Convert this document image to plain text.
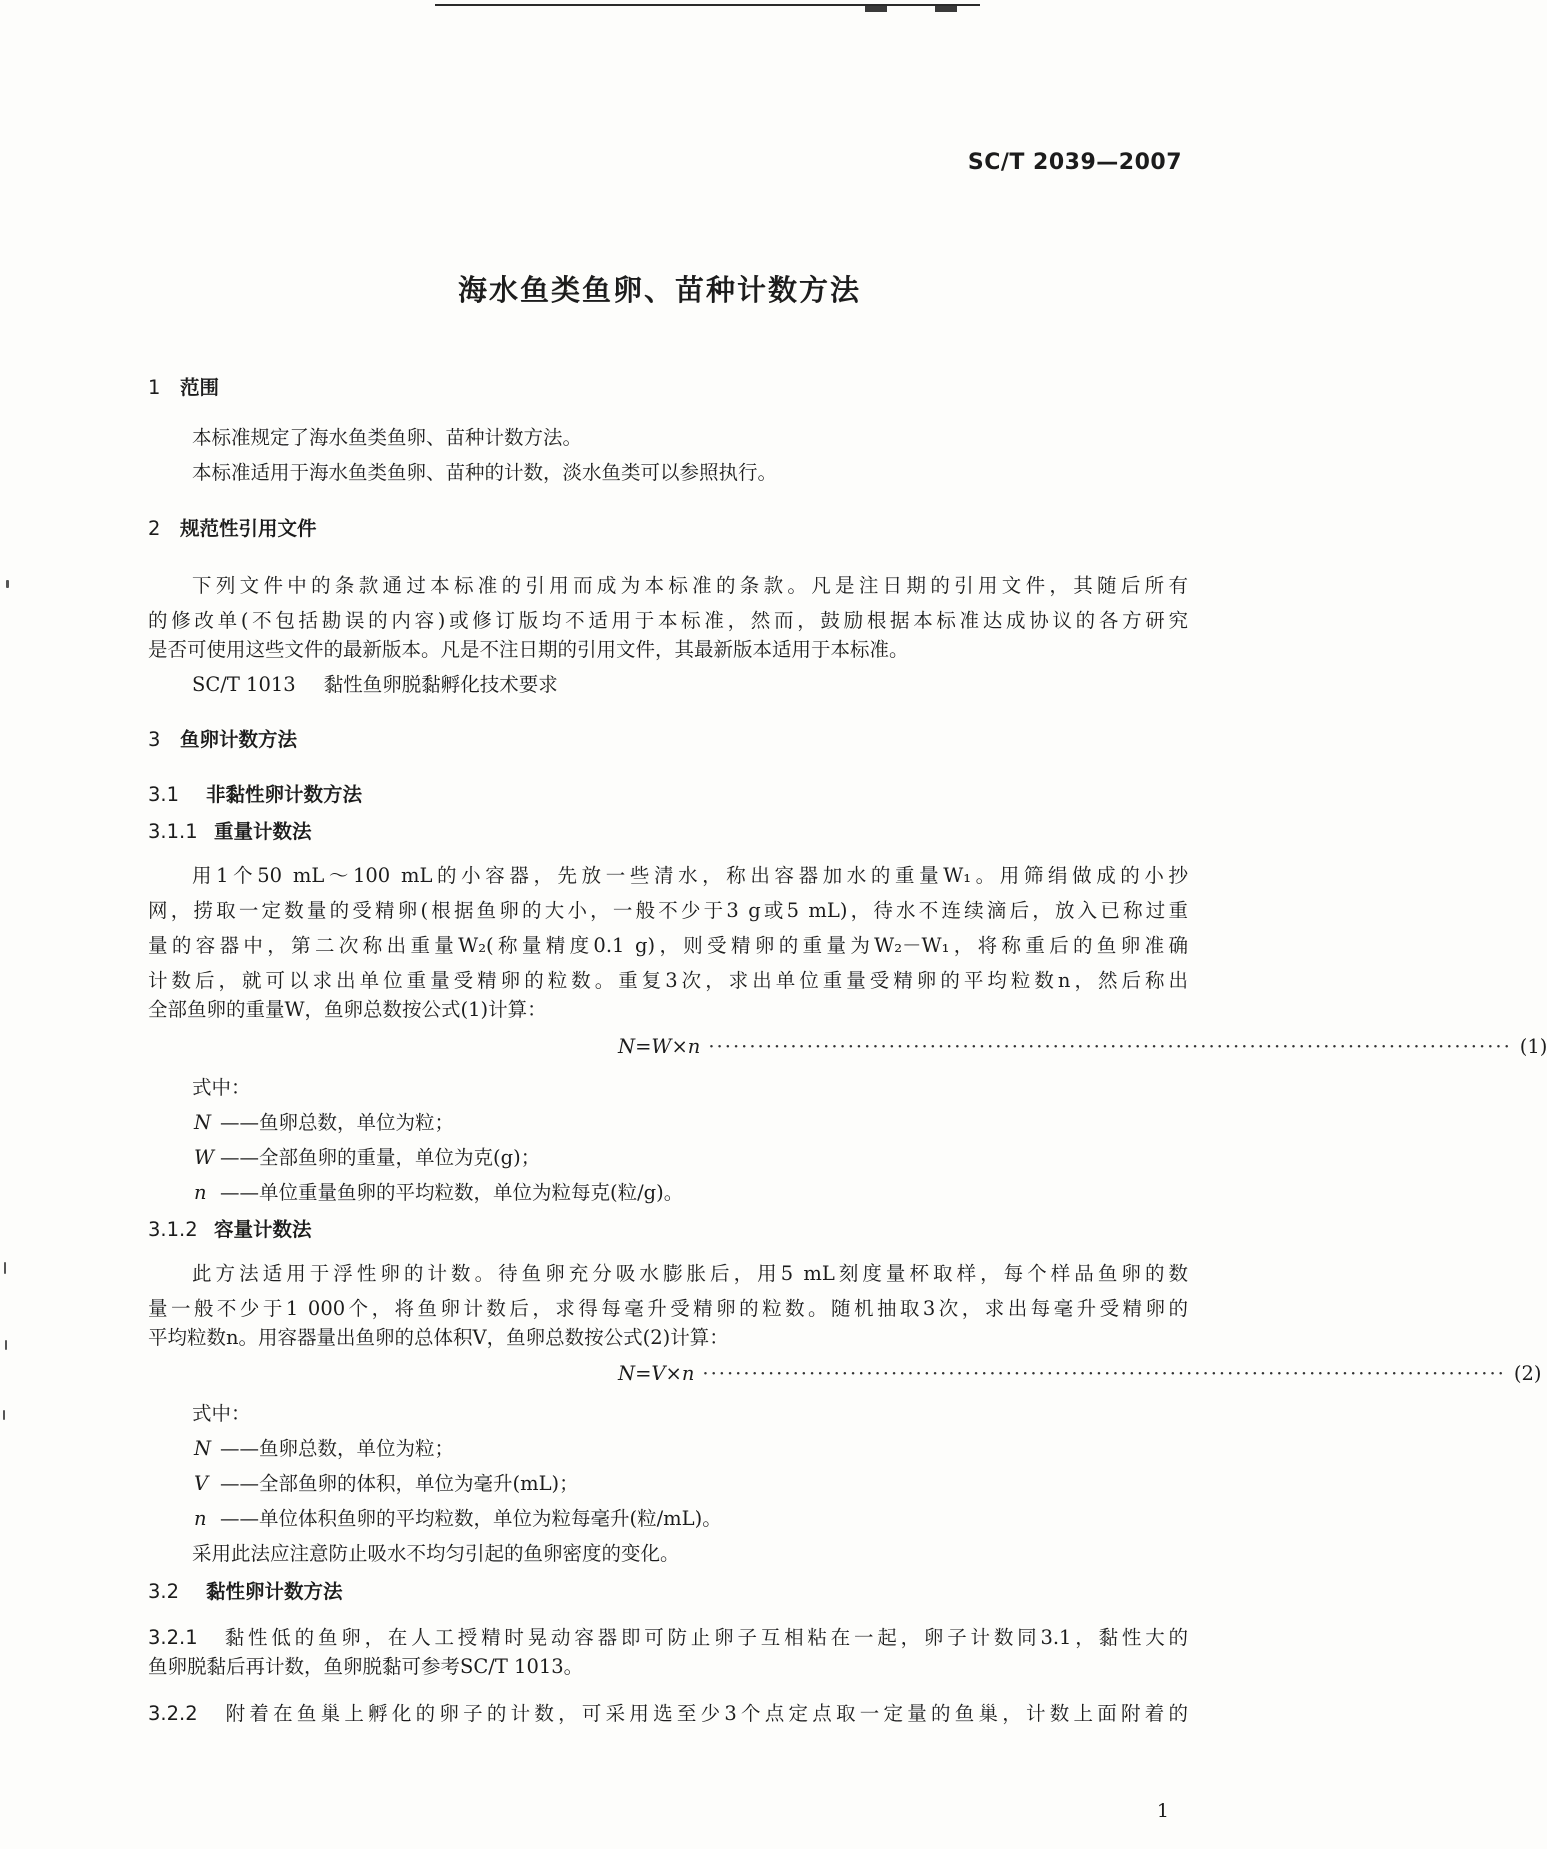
SC/T 2039—2007
海水鱼类鱼卵、苗种计数方法
1 范围
本标准规定了海水鱼类鱼卵、苗种计数方法。
本标准适用于海水鱼类鱼卵、苗种的计数，淡水鱼类可以参照执行。
2 规范性引用文件
下列文件中的条款通过本标准的引用而成为本标准的条款。凡是注日期的引用文件，其随后所有
的修改单(不包括勘误的内容)或修订版均不适用于本标准，然而，鼓励根据本标准达成协议的各方研究
是否可使用这些文件的最新版本。凡是不注日期的引用文件，其最新版本适用于本标准。
SC/T 1013 黏性鱼卵脱黏孵化技术要求
3 鱼卵计数方法
3.1 非黏性卵计数方法
3.1.1 重量计数法
用1个50 mL～100 mL的小容器，先放一些清水，称出容器加水的重量W₁。用筛绢做成的小抄
网，捞取一定数量的受精卵(根据鱼卵的大小，一般不少于3 g或5 mL)，待水不连续滴后，放入已称过重
量的容器中，第二次称出重量W₂(称量精度0.1 g)，则受精卵的重量为W₂－W₁，将称重后的鱼卵准确
计数后，就可以求出单位重量受精卵的粒数。重复3次，求出单位重量受精卵的平均粒数n，然后称出
全部鱼卵的重量W，鱼卵总数按公式(1)计算：
N=W×n ·································································································· (1)
式中：
N ——鱼卵总数，单位为粒；
W ——全部鱼卵的重量，单位为克(g)；
n ——单位重量鱼卵的平均粒数，单位为粒每克(粒/g)。
3.1.2 容量计数法
此方法适用于浮性卵的计数。待鱼卵充分吸水膨胀后，用5 mL刻度量杯取样，每个样品鱼卵的数
量一般不少于1 000个，将鱼卵计数后，求得每毫升受精卵的粒数。随机抽取3次，求出每毫升受精卵的
平均粒数n。用容器量出鱼卵的总体积V，鱼卵总数按公式(2)计算：
N=V×n ·································································································· (2)
式中：
N ——鱼卵总数，单位为粒；
V ——全部鱼卵的体积，单位为毫升(mL)；
n ——单位体积鱼卵的平均粒数，单位为粒每毫升(粒/mL)。
采用此法应注意防止吸水不均匀引起的鱼卵密度的变化。
3.2 黏性卵计数方法
3.2.1　 黏性低的鱼卵，在人工授精时晃动容器即可防止卵子互相粘在一起，卵子计数同3.1，黏性大的
鱼卵脱黏后再计数，鱼卵脱黏可参考SC/T 1013。
3.2.2　 附着在鱼巢上孵化的卵子的计数，可采用选至少3个点定点取一定量的鱼巢，计数上面附着的
1
